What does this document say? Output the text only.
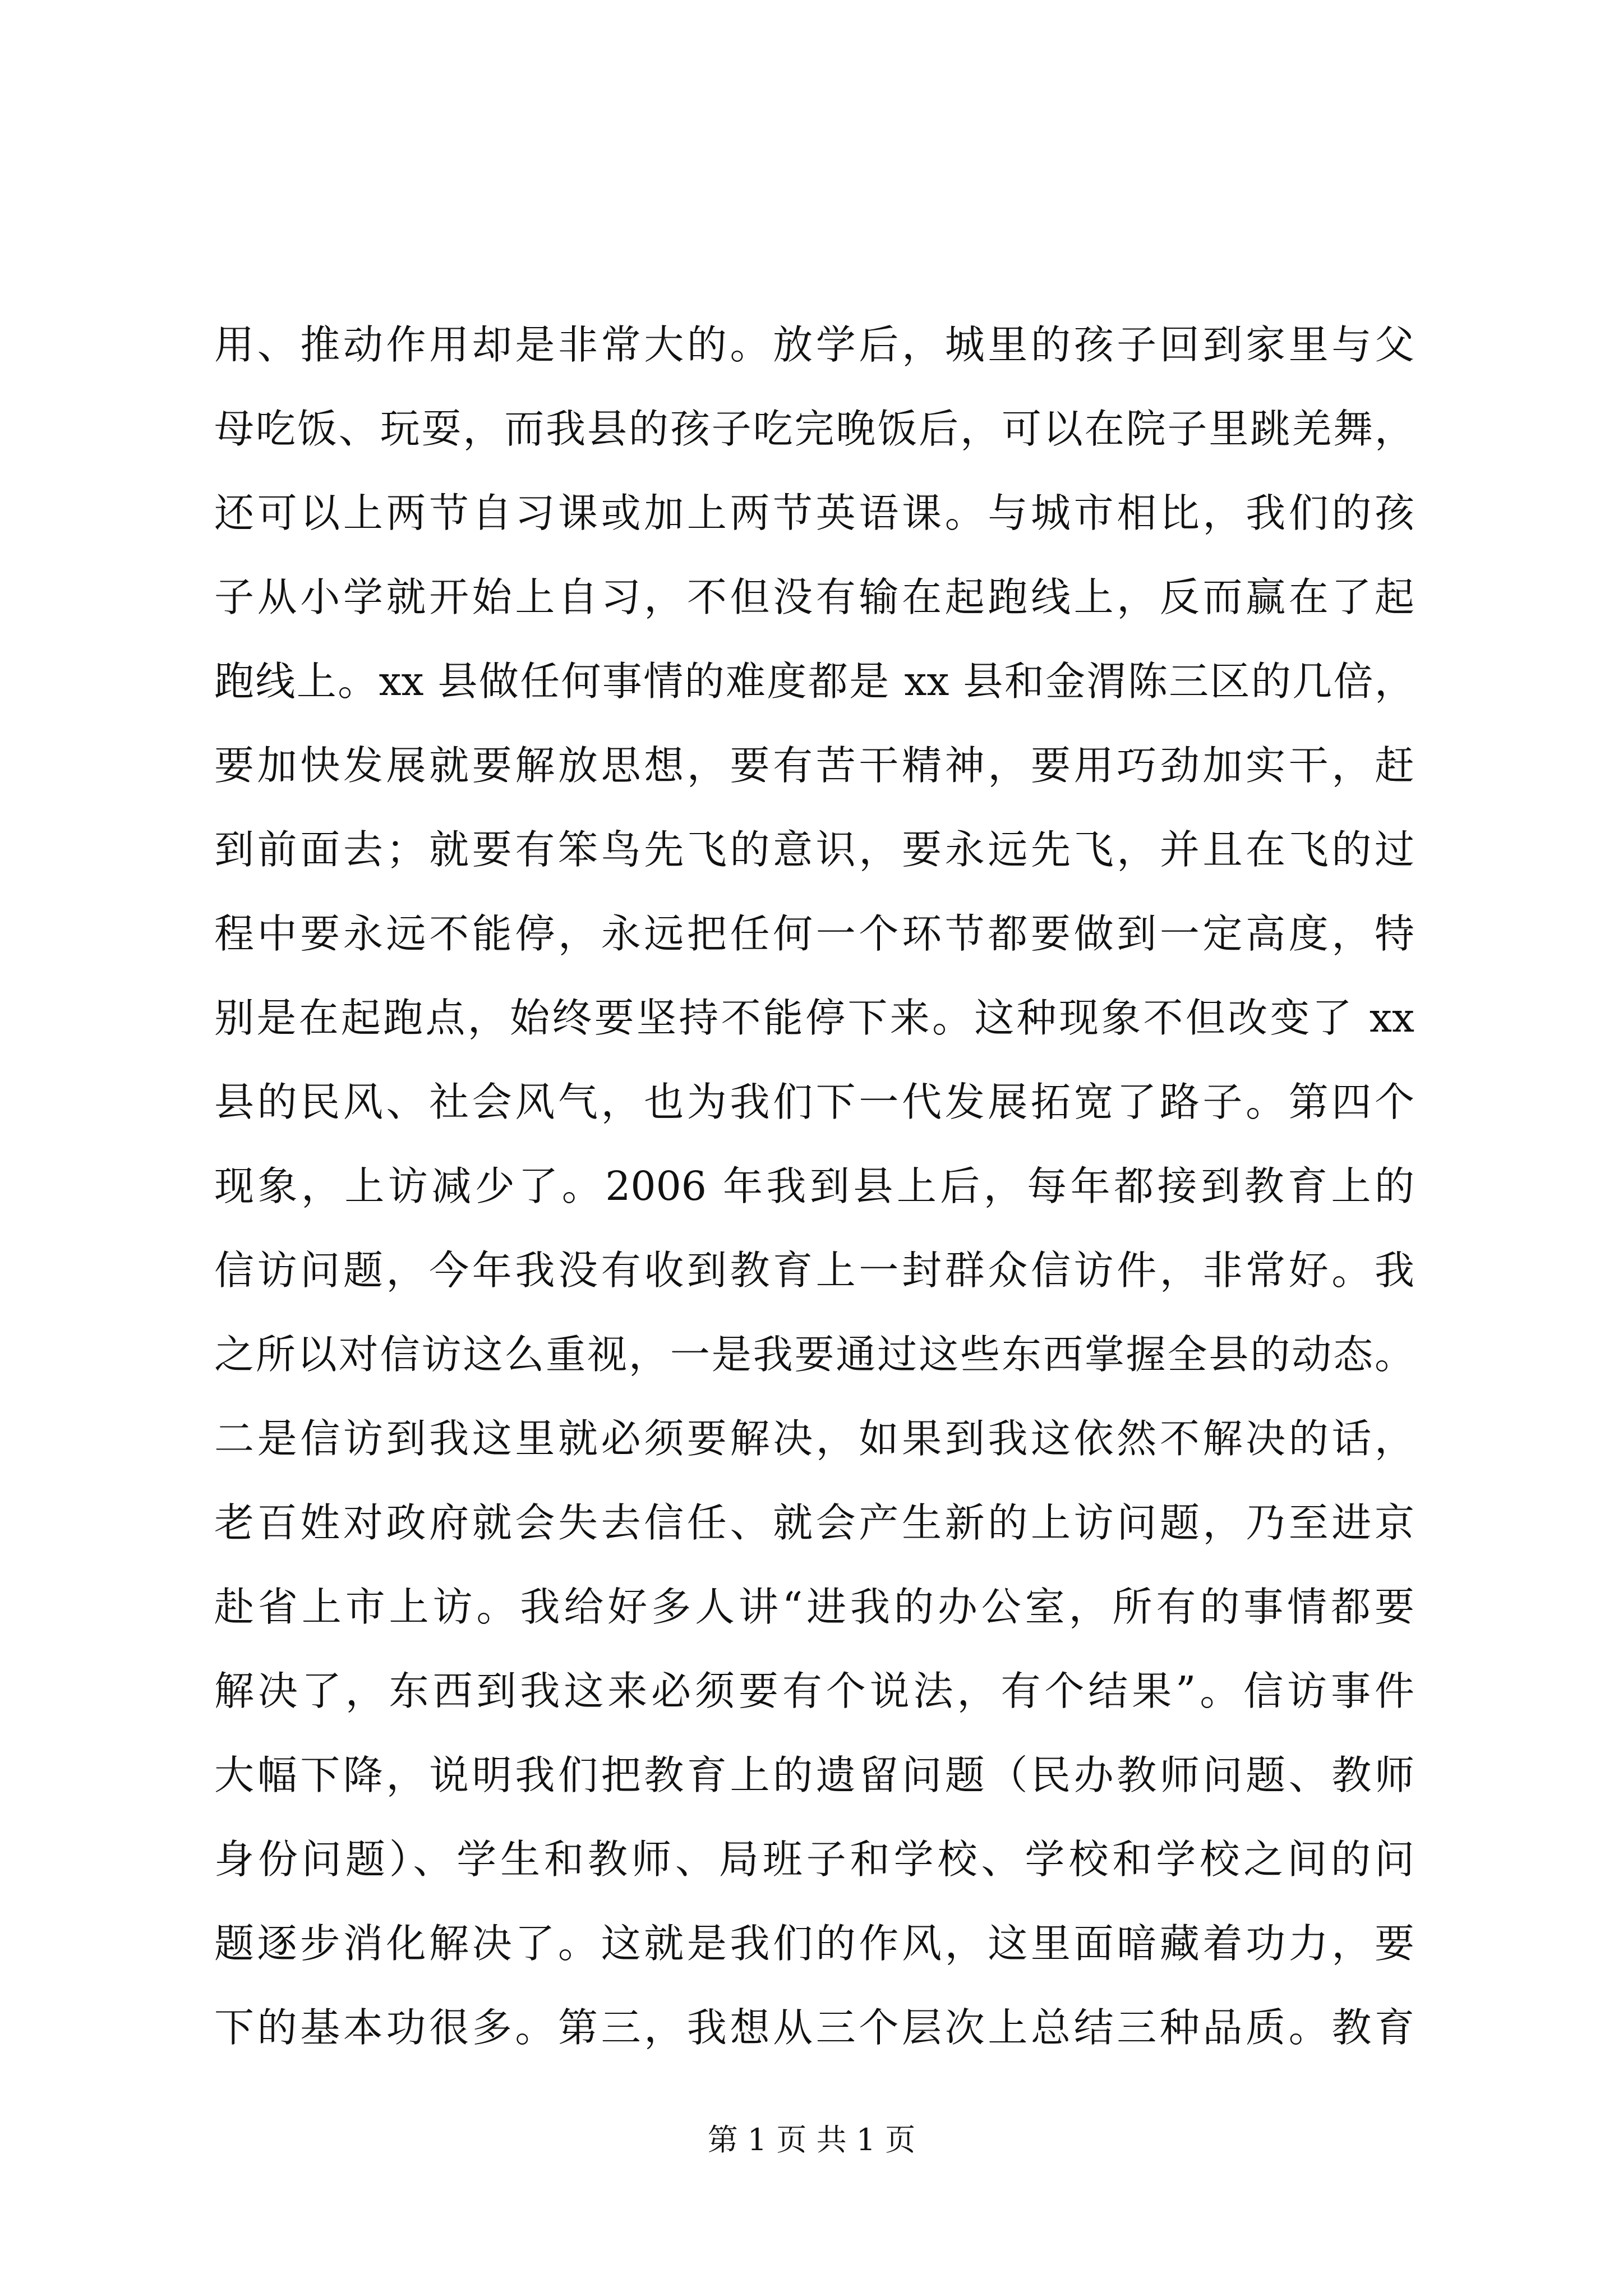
用、推动作用却是非常大的。放学后，城里的孩子回到家里与父
母吃饭、玩耍，而我县的孩子吃完晚饭后，可以在院子里跳羌舞，
还可以上两节自习课或加上两节英语课。与城市相比，我们的孩
子从小学就开始上自习，不但没有输在起跑线上，反而赢在了起
跑线上。xx 县做任何事情的难度都是 xx 县和金渭陈三区的几倍，
要加快发展就要解放思想，要有苦干精神，要用巧劲加实干，赶
到前面去；就要有笨鸟先飞的意识，要永远先飞，并且在飞的过
程中要永远不能停，永远把任何一个环节都要做到一定高度，特
别是在起跑点，始终要坚持不能停下来。这种现象不但改变了 xx
县的民风、社会风气，也为我们下一代发展拓宽了路子。第四个
现象，上访减少了。2006 年我到县上后，每年都接到教育上的
信访问题，今年我没有收到教育上一封群众信访件，非常好。我
之所以对信访这么重视，一是我要通过这些东西掌握全县的动态。
二是信访到我这里就必须要解决，如果到我这依然不解决的话，
老百姓对政府就会失去信任、就会产生新的上访问题，乃至进京
赴省上市上访。我给好多人讲“进我的办公室，所有的事情都要
解决了，东西到我这来必须要有个说法，有个结果”。信访事件
大幅下降，说明我们把教育上的遗留问题（民办教师问题、教师
身份问题）、学生和教师、局班子和学校、学校和学校之间的问
题逐步消化解决了。这就是我们的作风，这里面暗藏着功力，要
下的基本功很多。第三，我想从三个层次上总结三种品质。教育
第 1 页 共 1 页
